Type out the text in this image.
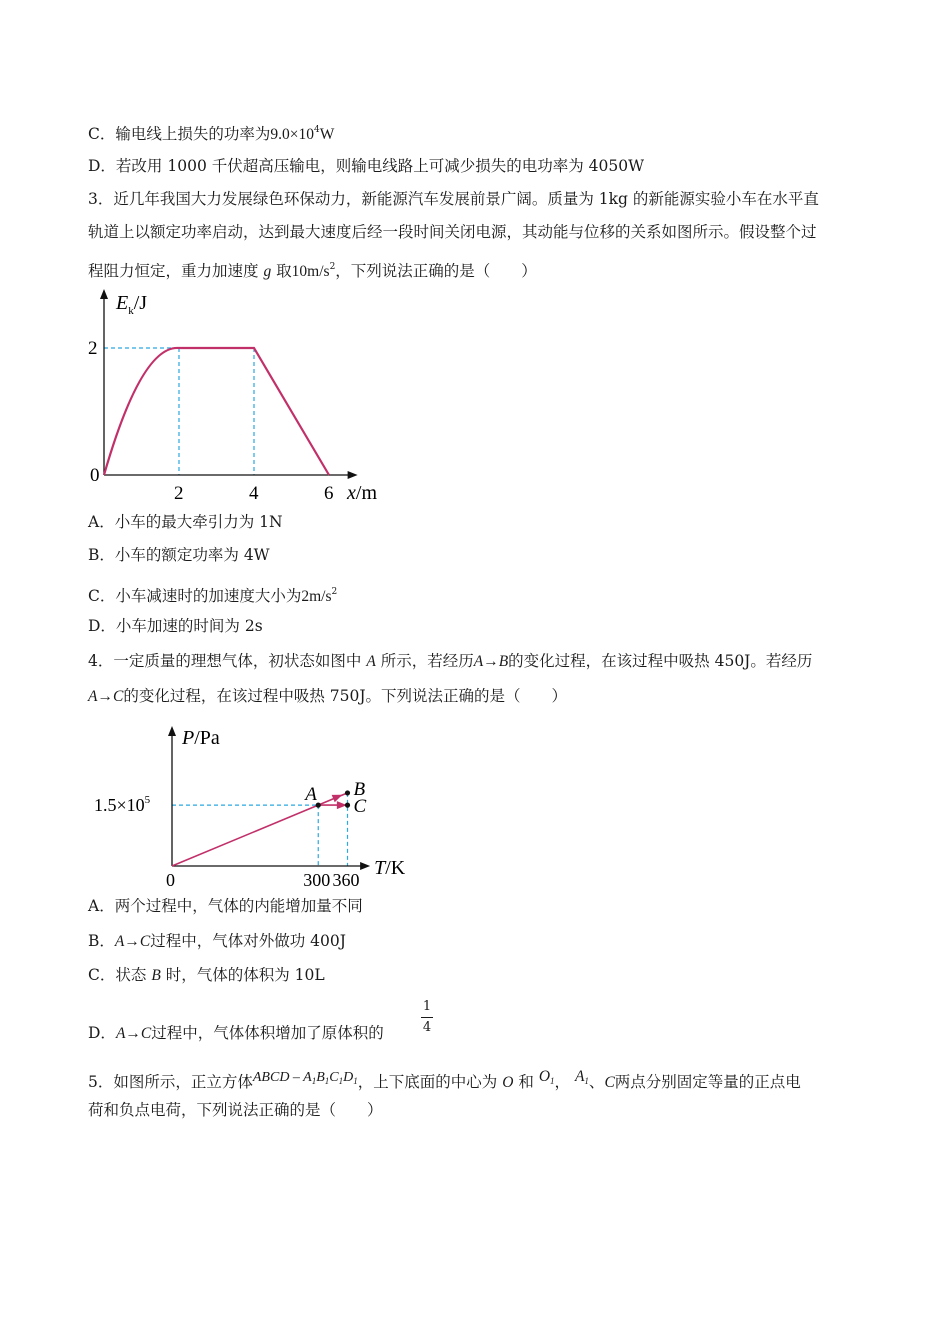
C．输电线上损失的功率为$9.0\times 10^4W$
D．若改用 1000 千伏超高压输电，则输电线路上可减少损失的电功率为 4050W
3．近几年我国大力发展绿色环保动力，新能源汽车发展前景广阔。质量为 1kg 的新能源实验小车在水平直
轨道上以额定功率启动，达到最大速度后经一段时间关闭电源，其动能与位移的关系如图所示。假设整个过
程阻力恒定，重力加速度 g 取$10m/s^2$，下列说法正确的是（　　）
0
2	4	6
2
$E_k/J$
x/m
A．小车的最大牵引力为 1N
B．小车的额定功率为 4W
C．小车减速时的加速度大小为$2m/s^2$
D．小车加速的时间为 2s
4．一定质量的理想气体，初状态如图中 A 所示，若经历A→B的变化过程，在该过程中吸热 450J。若经历
A→C的变化过程，在该过程中吸热 750J。下列说法正确的是（　　）
A B
C
0	300 360
$1.5\times 10^5$
P/Pa
T/K
A．两个过程中，气体的内能增加量不同
B．A→C过程中，气体对外做功 400J
C．状态 B 时，气体的体积为 10L
D．A→C过程中，气体体积增加了原体积的
1
4
5．如图所示，正立方体ABCD – $A_1B_1C_1D_1$，上下底面的中心为 O 和 $O_1$， $A_1$、C两点分别固定等量的正点电
荷和负点电荷，下列说法正确的是（　　）
